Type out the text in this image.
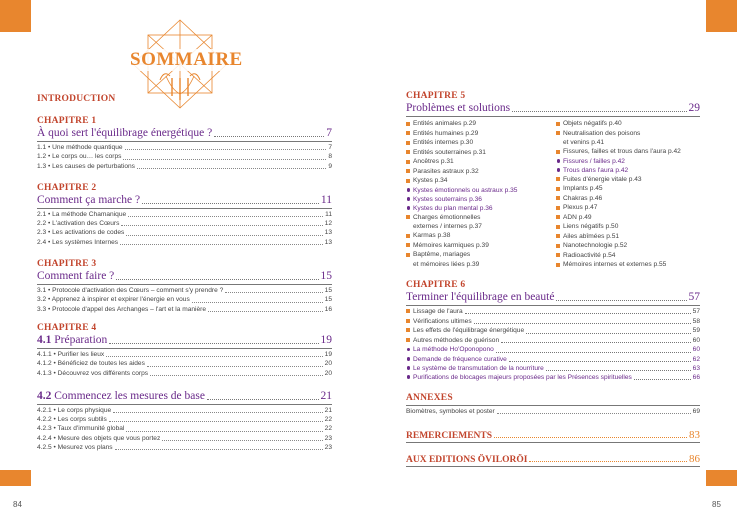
84	85
SOMMAIRE
INTRODUCTION
CHAPITRE 1
À quoi sert l'équilibrage énergétique ?	7
1.1 • Une méthode quantique	7
1.2 • Le corps ou… les corps	8
1.3 • Les causes de perturbations	9
CHAPITRE 2
Comment ça marche ?	11
2.1 • La méthode Chamanique	11
2.2 • L'activation des Cœurs	12
2.3 • Les activations de codes	13
2.4 • Les systèmes Internes	13
CHAPITRE 3
Comment faire ?	15
3.1 • Protocole d'activation des Cœurs – comment s'y prendre ?	15
3.2 • Apprenez à inspirer et expirer l'énergie en vous	15
3.3 • Protocole d'appel des Archanges – l'art et la manière	16
CHAPITRE 4
4.1 Préparation	19
4.1.1 • Purifier les lieux	19
4.1.2 • Bénéficiez de toutes les aides	20
4.1.3 • Découvrez vos différents corps	20
4.2 Commencez les mesures de base	21
4.2.1 • Le corps physique	21
4.2.2 • Les corps subtils	22
4.2.3 • Taux d'immunité global	22
4.2.4 • Mesure des objets que vous portez	23
4.2.5 • Mesurez vos plans	23
CHAPITRE 5
Problèmes et solutions	29
Entités animales p.29
Entités humaines p.29
Entités internes p.30
Entités souterraines p.31
Ancêtres p.31
Parasites astraux p.32
Kystes p.34
Kystes émotionnels ou astraux p.35
Kystes souterrains p.36
Kystes du plan mental p.36
Charges émotionnelles
externes / internes p.37
Karmas p.38
Mémoires karmiques p.39
Baptême, mariages
et mémoires liées p.39
Objets négatifs p.40
Neutralisation des poisons
et venins p.41
Fissures, failles et trous dans l'aura p.42
Fissures / failles p.42
Trous dans l'aura p.42
Fuites d'énergie vitale p.43
Implants p.45
Chakras p.46
Plexus p.47
ADN p.49
Liens négatifs p.50
Ailes abîmées p.51
Nanotechnologie p.52
Radioactivité p.54
Mémoires internes et externes p.55
CHAPITRE 6
Terminer l'équilibrage en beauté	57
Lissage de l'aura	57
Vérifications ultimes	58
Les effets de l'équilibrage énergétique	59
Autres méthodes de guérison	60
La méthode Ho'Oponopono	60
Demande de fréquence curative	62
Le système de transmutation de la nourriture	63
Purifications de blocages majeurs proposées par les Présences spirituelles	66
ANNEXES
Biomètres, symboles et poster	69
REMERCIEMENTS	83
AUX EDITIONS ÖVILORÖI	86
